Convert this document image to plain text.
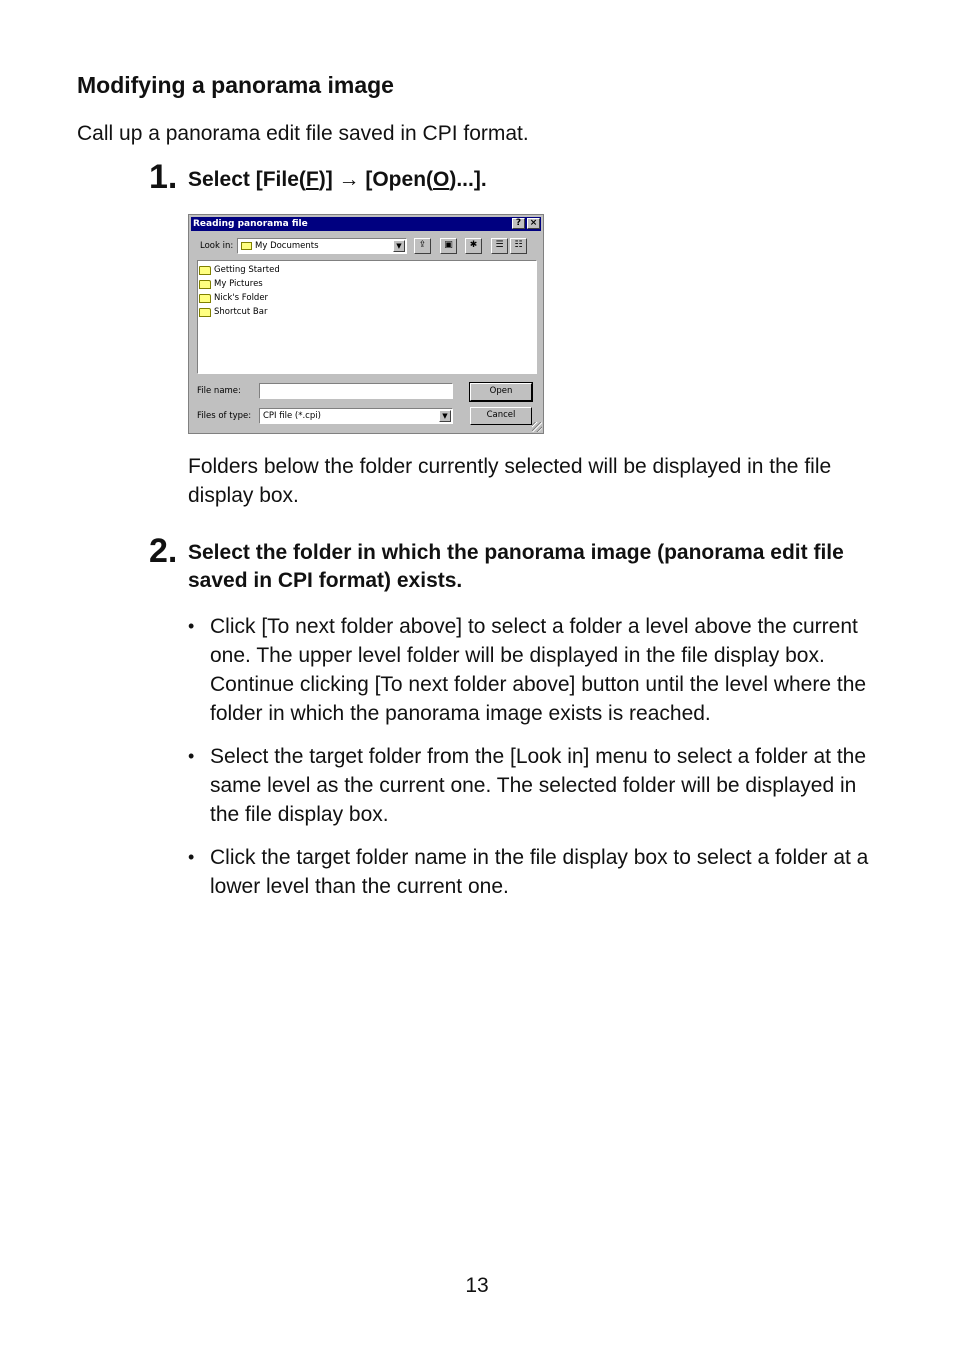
Modifying a panorama image
Call up a panorama edit file saved in CPI format.
1. Select [File(F)] → [Open(O)...].
Reading panorama file	? ×
Look in:	My Documents	▼	⇪	▣	✱	☰	☷
Getting Started
My Pictures
Nick's Folder
Shortcut Bar
File name:	Open
Files of type:	CPI file (*.cpi)	▼	Cancel
Folders below the folder currently selected will be displayed in the file display box.
2. Select the folder in which the panorama image (panorama edit file saved in CPI format) exists.
• Click [To next folder above] to select a folder a level above the current one. The upper level folder will be displayed in the file display box. Continue clicking [To next folder above] button until the level where the folder in which the panorama image exists is reached.
• Select the target folder from the [Look in] menu to select a folder at the same level as the current one. The selected folder will be displayed in the file display box.
• Click the target folder name in the file display box to select a folder at a lower level than the current one.
13
